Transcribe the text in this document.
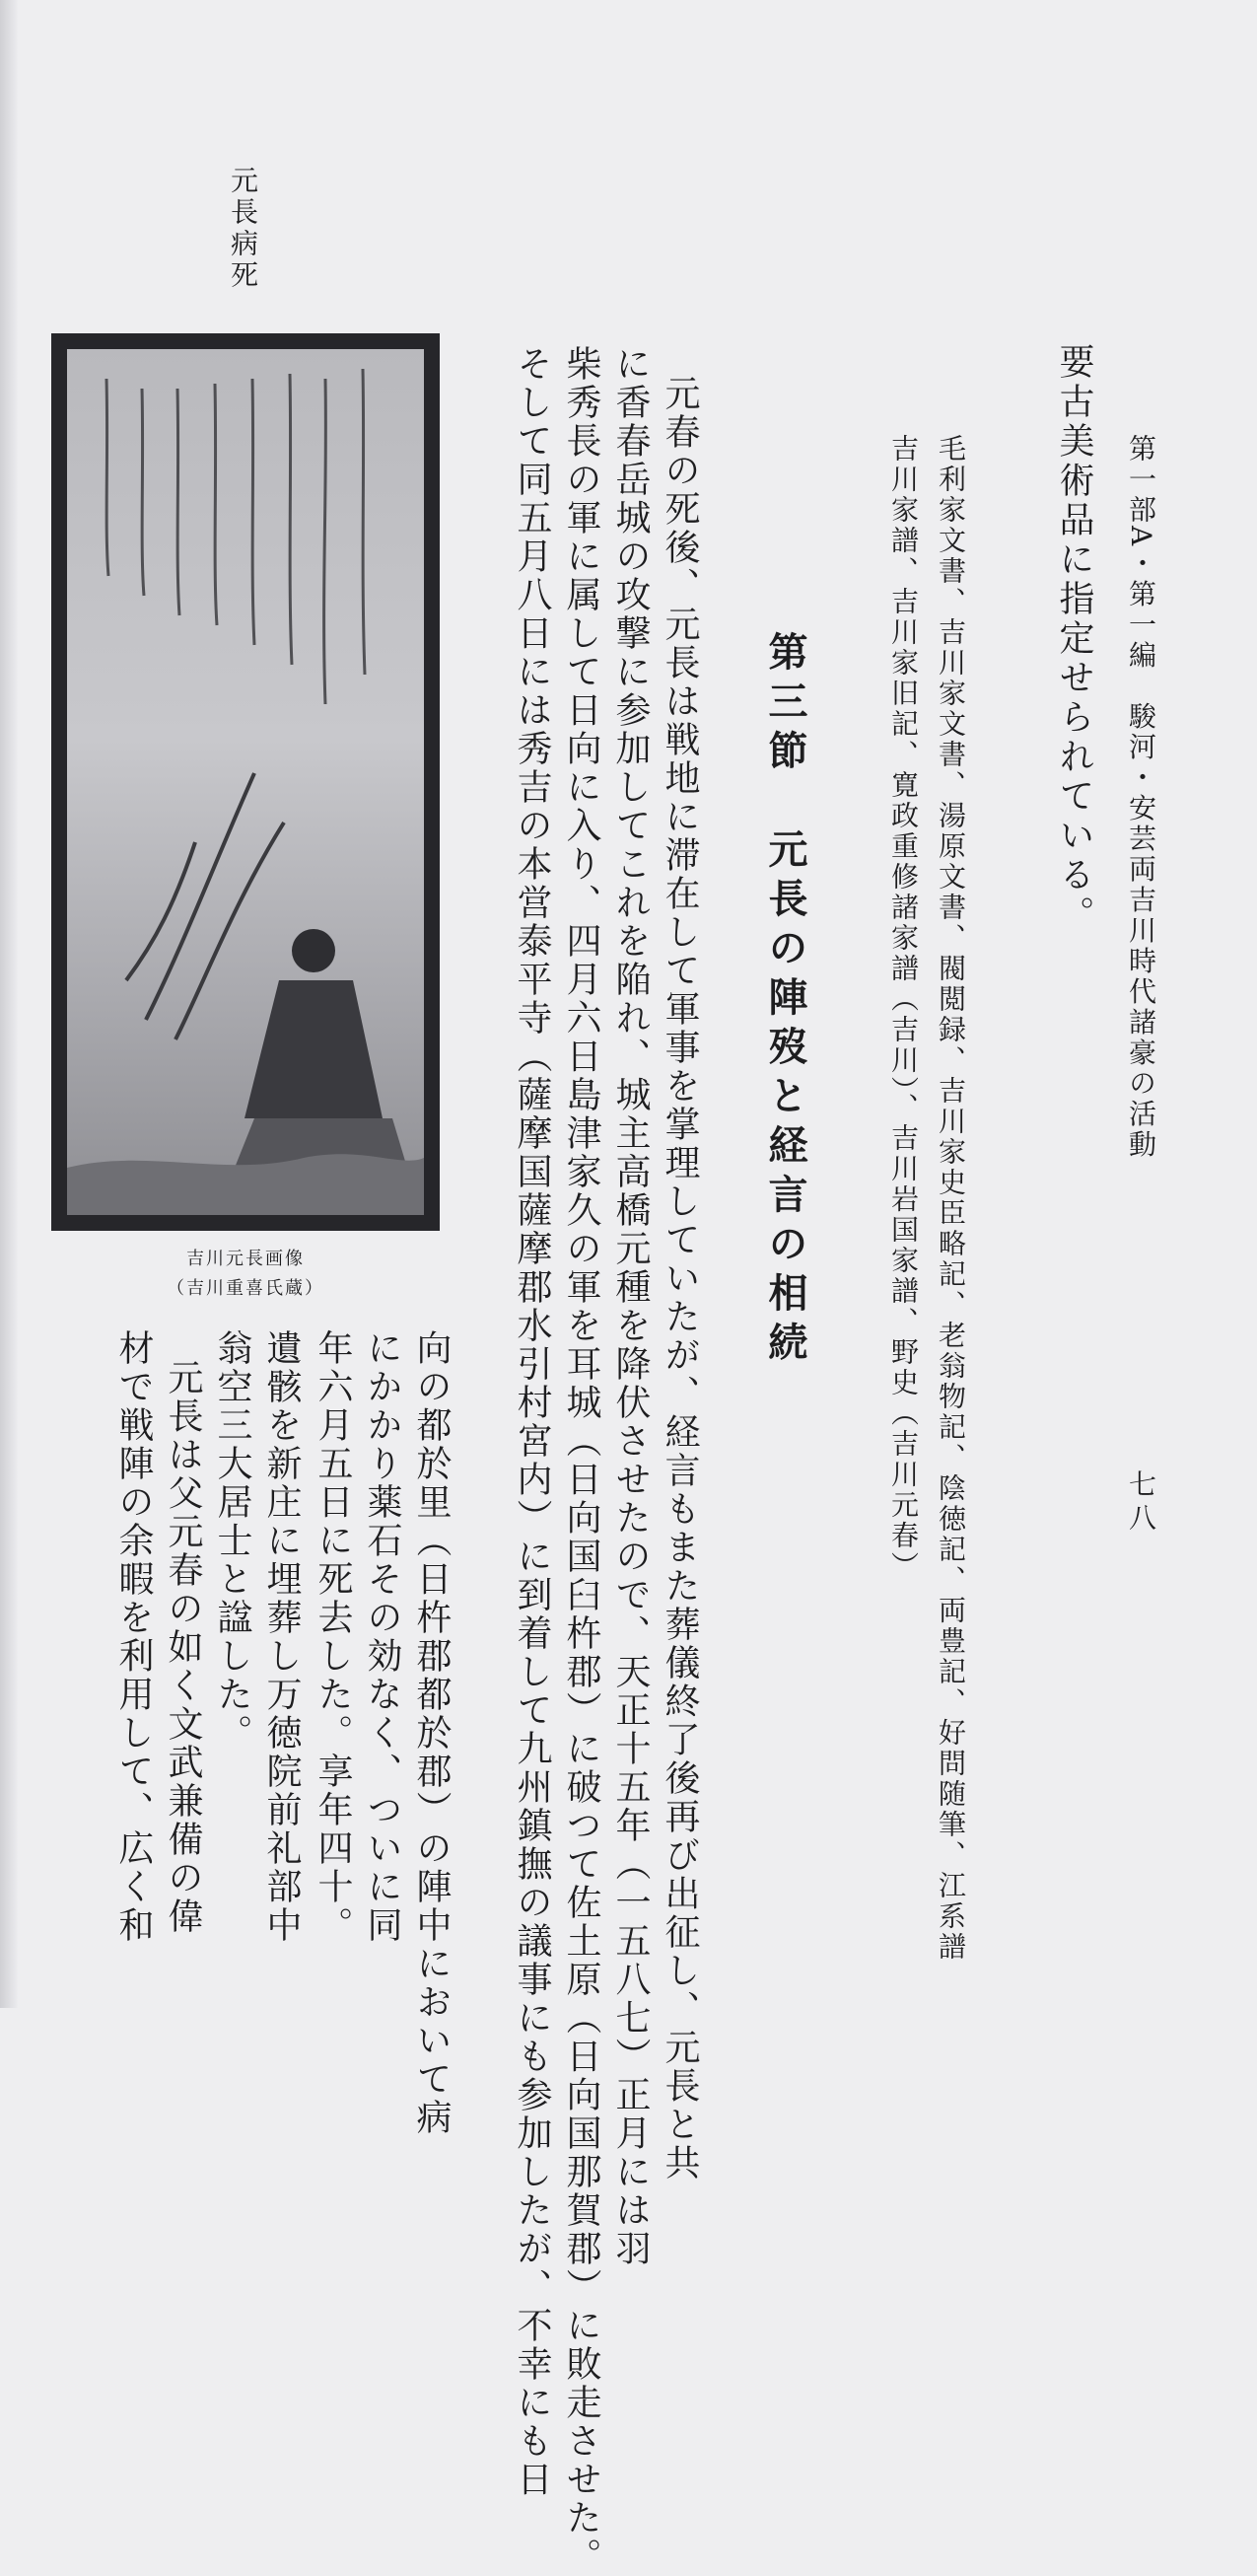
第一部A・第一編　駿河・安芸両吉川時代諸豪の活動
七八
要古美術品に指定せられている。
毛利家文書、吉川家文書、湯原文書、閥閲録、吉川家史臣略記、老翁物記、陰徳記、両豊記、好問随筆、江系譜
吉川家譜、吉川家旧記、寛政重修諸家譜（吉川）、吉川岩国家譜、野史（吉川元春）
第三節　元長の陣歿と経言の相続
元春の死後、元長は戦地に滞在して軍事を掌理していたが、経言もまた葬儀終了後再び出征し、元長と共
に香春岳城の攻撃に参加してこれを陥れ、城主高橋元種を降伏させたので、天正十五年（一五八七）正月には羽
柴秀長の軍に属して日向に入り、四月六日島津家久の軍を耳城（日向国臼杵郡）に破つて佐土原（日向国那賀郡）に敗走させた。
そして同五月八日には秀吉の本営泰平寺（薩摩国薩摩郡水引村宮内）に到着して九州鎮撫の議事にも参加したが、不幸にも日
向の都於里（日杵郡都於郡）の陣中において病
にかかり薬石その効なく、ついに同
年六月五日に死去した。享年四十。
遺骸を新庄に埋葬し万徳院前礼部中
翁空三大居士と諡した。
元長は父元春の如く文武兼備の偉
材で戦陣の余暇を利用して、広く和
元長病死
吉川元長画像
（吉川重喜氏蔵）
